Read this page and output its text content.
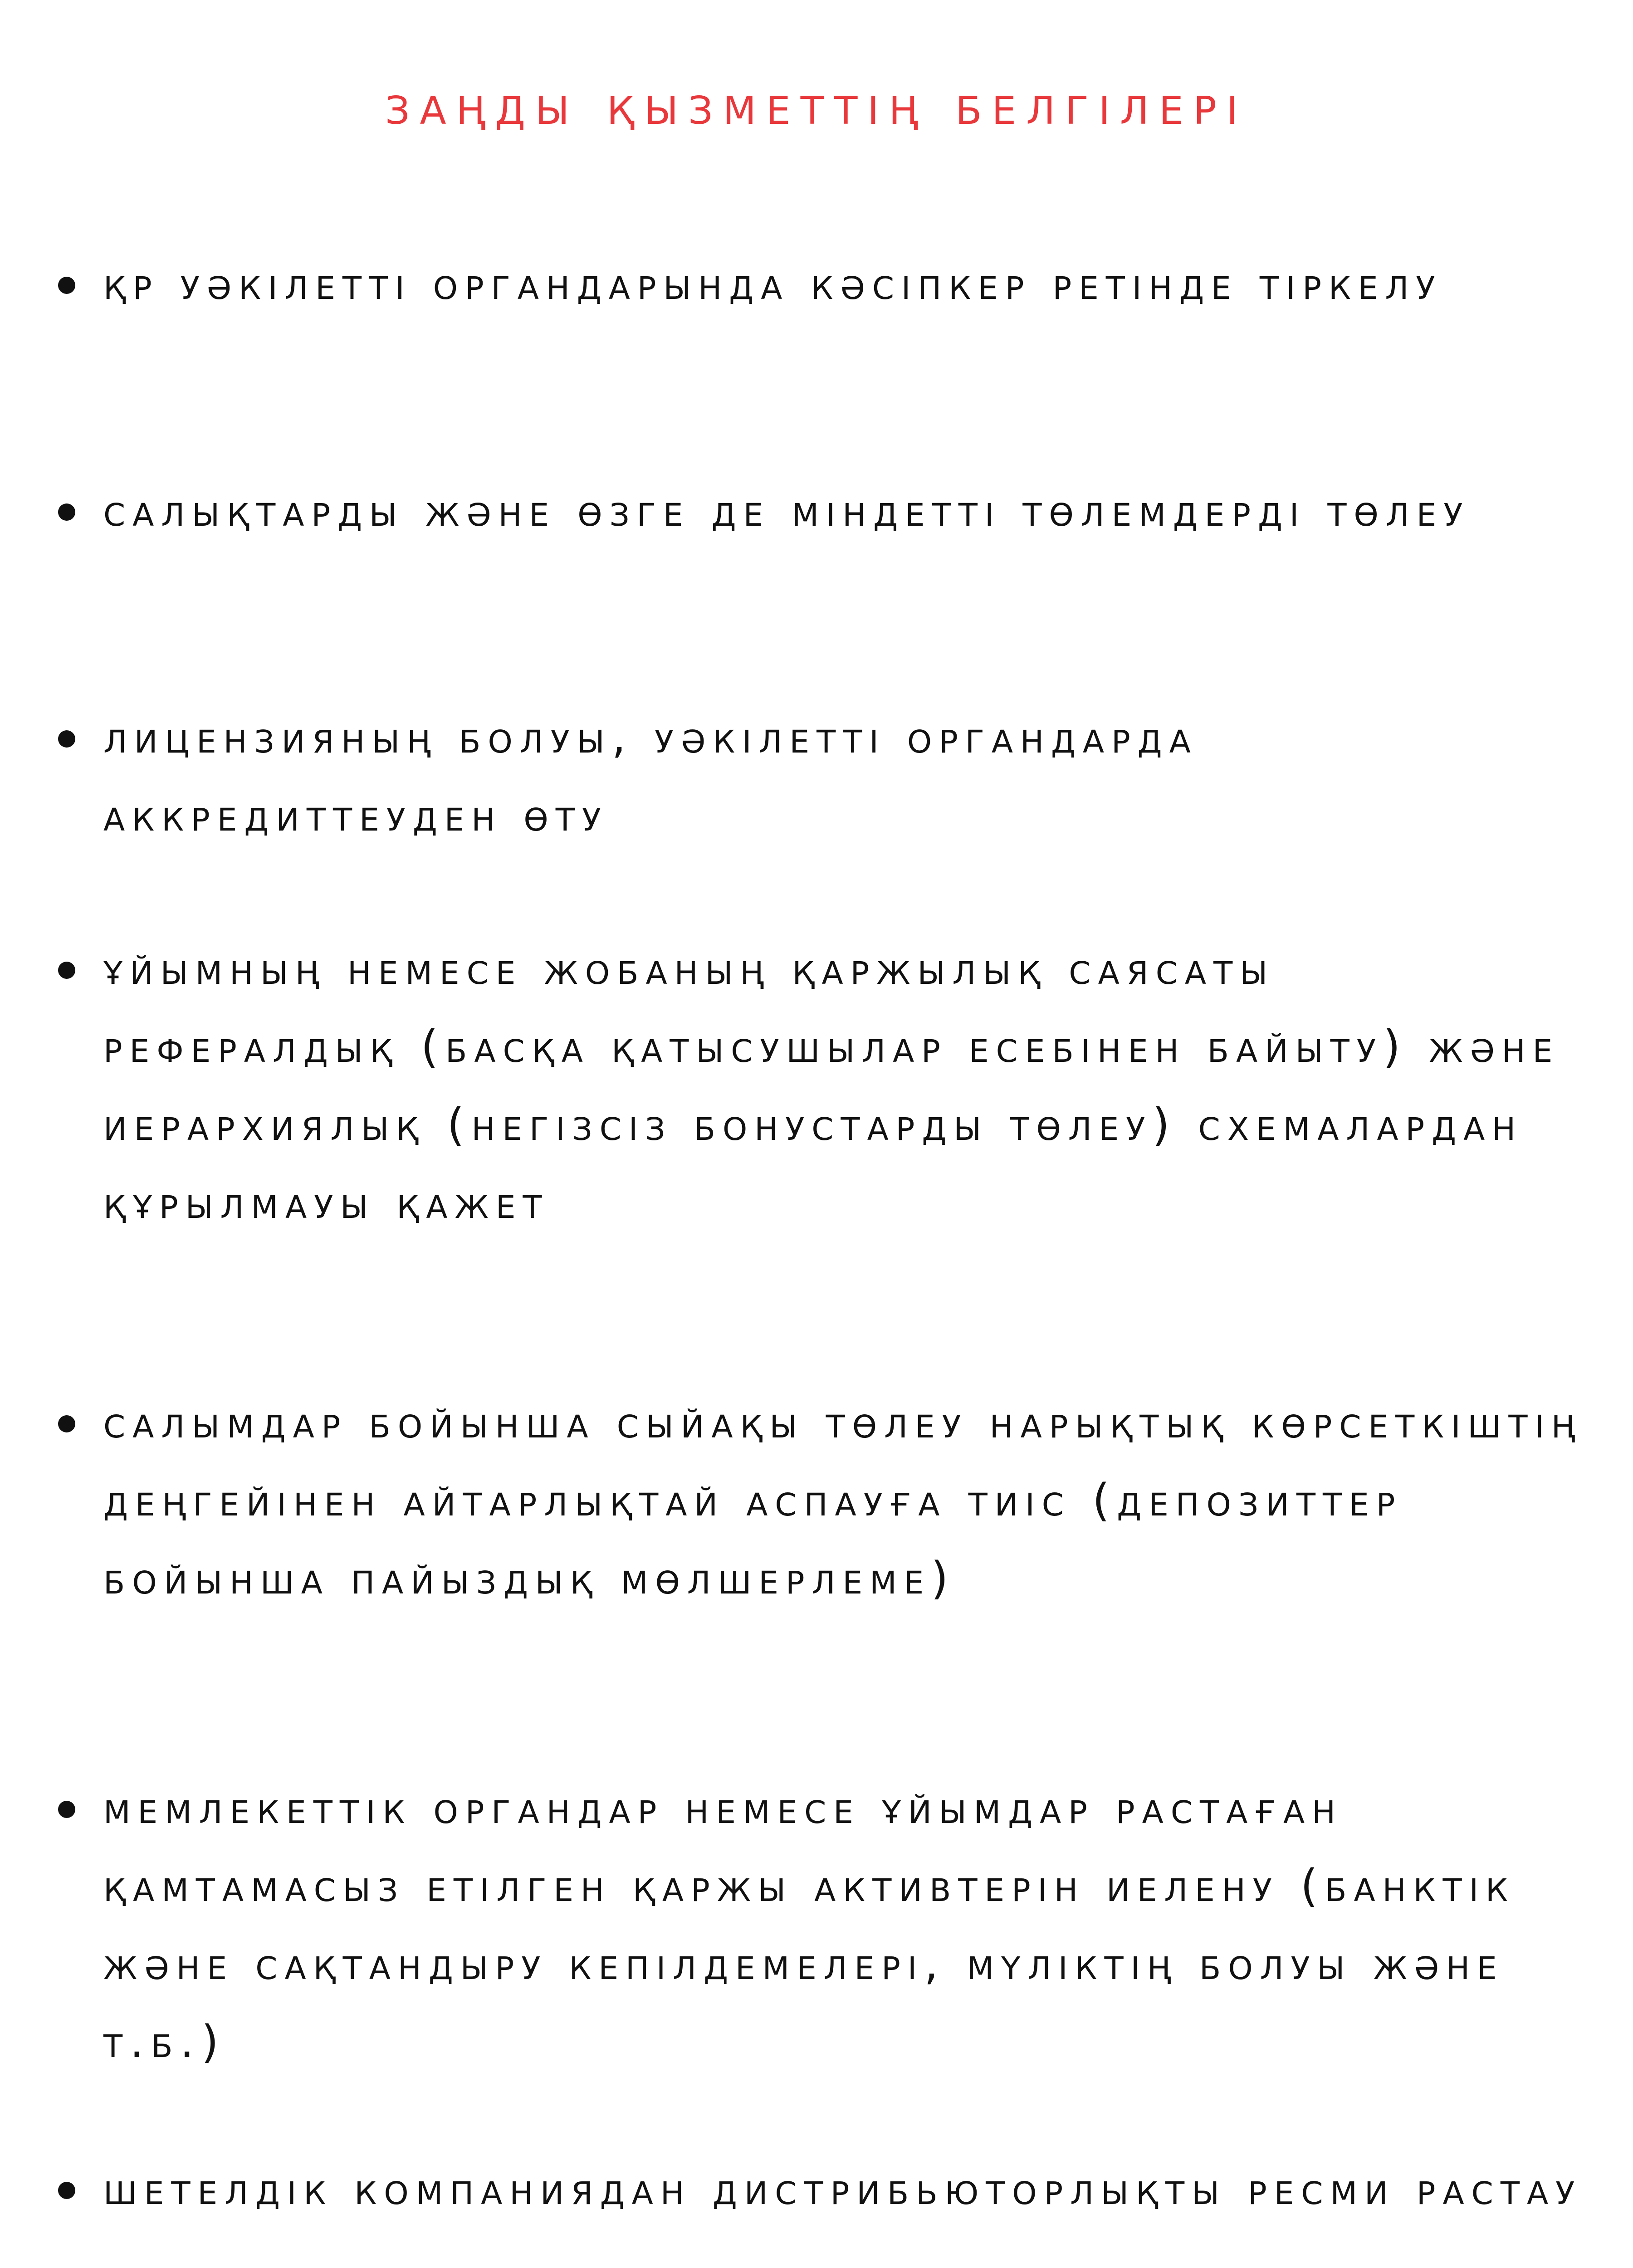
заңды қызметтің белгілері

қр уәкілетті органдарында кәсіпкер ретінде тіркелу

салықтарды және өзге де міндетті төлемдерді төлеу

лицензияның болуы, уәкілетті органдарда аккредиттеуден өту

ұйымның немесе жобаның қаржылық саясаты рефералдық (басқа қатысушылар есебінен байыту) және иерархиялық (негізсіз бонустарды төлеу) схемалардан құрылмауы қажет

салымдар бойынша сыйақы төлеу нарықтық көрсеткіштің деңгейінен айтарлықтай аспауға тиіс (депозиттер бойынша пайыздық мөлшерлеме)

мемлекеттік органдар немесе ұйымдар растаған қамтамасыз етілген қаржы активтерін иелену (банктік және сақтандыру кепілдемелері, мүліктің болуы және т.б.)

шетелдік компаниядан дистрибьюторлықты ресми растау
